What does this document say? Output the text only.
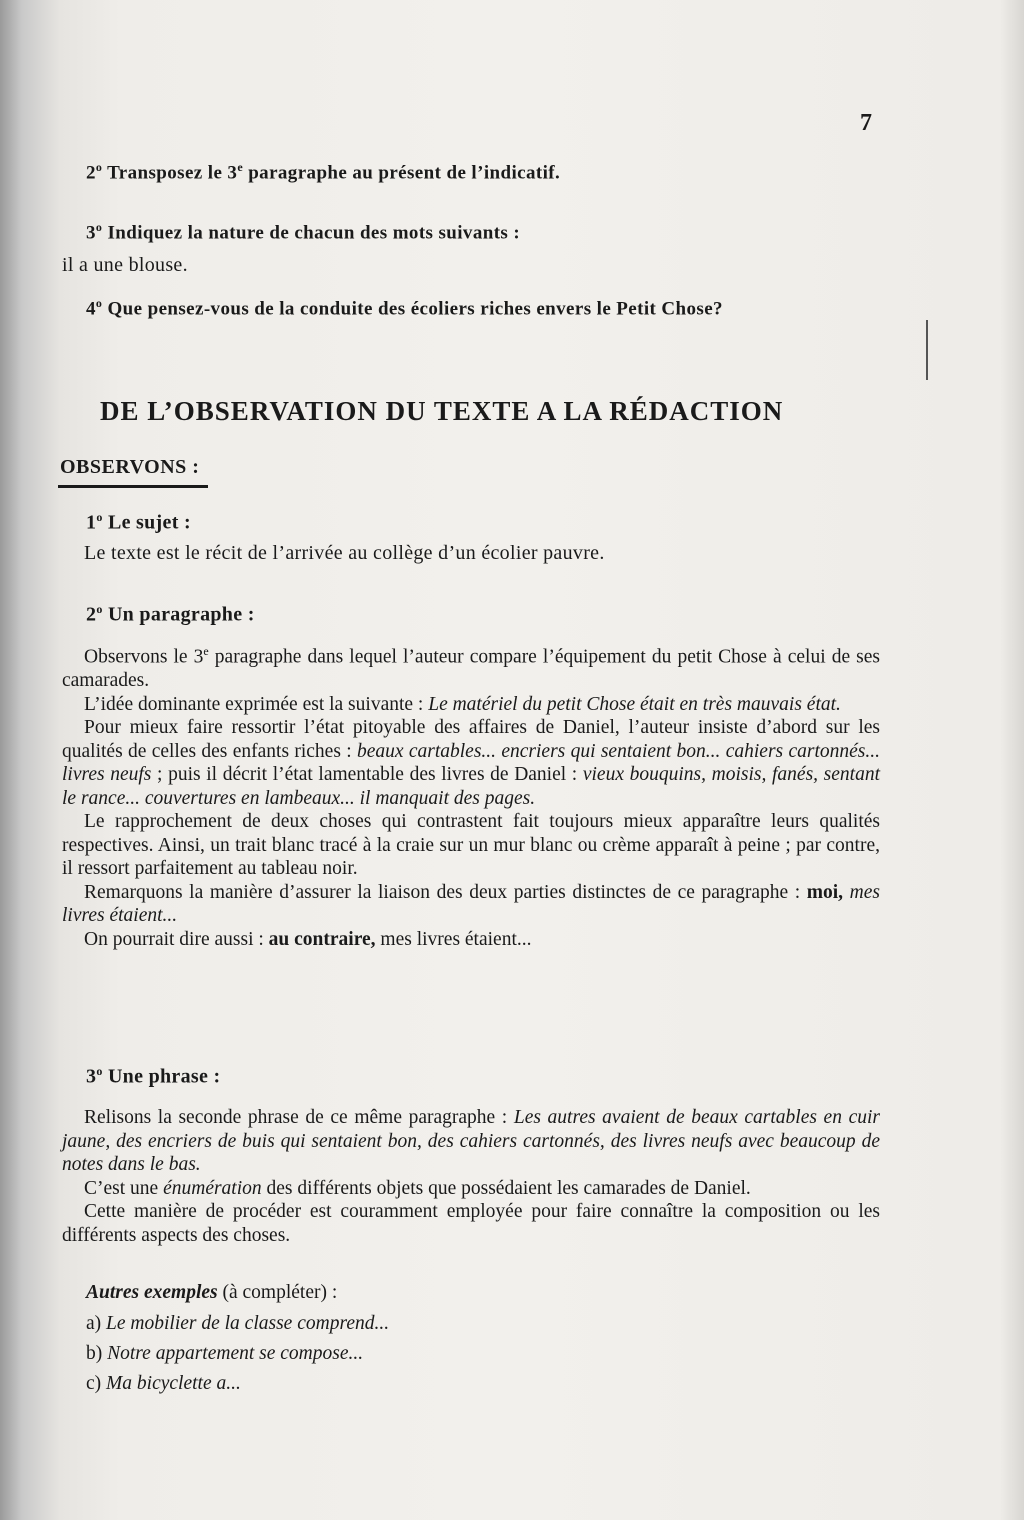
7
2$^o$ Transposez le 3e paragraphe au présent de l’indicatif.
3$^o$ Indiquez la nature de chacun des mots suivants :
il a une blouse.
4$^o$ Que pensez-vous de la conduite des écoliers riches envers le Petit Chose?
DE L’OBSERVATION DU TEXTE A LA RÉDACTION
OBSERVONS :
1$^o$ Le sujet :
Le texte est le récit de l’arrivée au collège d’un écolier pauvre.
2$^o$ Un paragraphe :

Observons le 3e paragraphe dans lequel l’auteur compare l’équipement du petit Chose à celui de ses camarades.

L’idée dominante exprimée est la suivante : Le matériel du petit Chose était en très mauvais état.

Pour mieux faire ressortir l’état pitoyable des affaires de Daniel, l’auteur insiste d’abord sur les qualités de celles des enfants riches : beaux cartables... encriers qui sentaient bon... cahiers cartonnés... livres neufs ; puis il décrit l’état lamentable des livres de Daniel : vieux bouquins, moisis, fanés, sentant le rance... couvertures en lambeaux... il manquait des pages.

Le rapprochement de deux choses qui contrastent fait toujours mieux apparaître leurs qualités respectives. Ainsi, un trait blanc tracé à la craie sur un mur blanc ou crème apparaît à peine ; par contre, il ressort parfaitement au tableau noir.

Remarquons la manière d’assurer la liaison des deux parties distinctes de ce paragraphe : moi, mes livres étaient...

On pourrait dire aussi : au contraire, mes livres étaient...

3$^o$ Une phrase :

Relisons la seconde phrase de ce même paragraphe : Les autres avaient de beaux cartables en cuir jaune, des encriers de buis qui sentaient bon, des cahiers cartonnés, des livres neufs avec beaucoup de notes dans le bas.

C’est une énumération des différents objets que possédaient les camarades de Daniel.

Cette manière de procéder est couramment employée pour faire connaître la composition ou les différents aspects des choses.

Autres exemples (à compléter) :
a) Le mobilier de la classe comprend...
b) Notre appartement se compose...
c) Ma bicyclette a...
